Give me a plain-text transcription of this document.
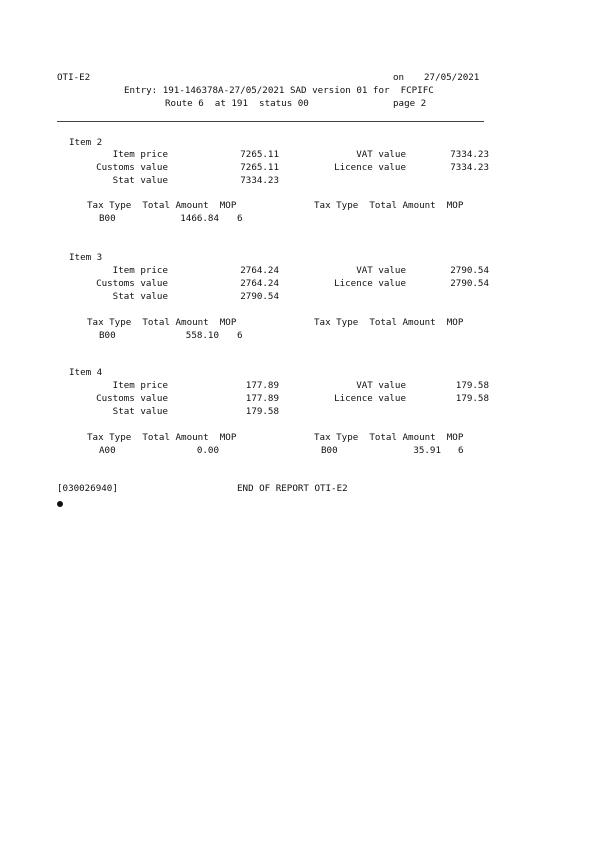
OTI-E2	on 27/05/2021
Entry: 191-146378A-27/05/2021 SAD version 01 for  FCPIFC
Route 6  at 191  status 00	page 2
Item 2
Item price	7265.11	VAT value	7334.23
Customs value	7265.11	Licence value	7334.23
Stat value	7334.23
Tax Type  Total Amount  MOP	Tax Type  Total Amount  MOP
B00	1466.84 6
Item 3
Item price	2764.24	VAT value	2790.54
Customs value	2764.24	Licence value	2790.54
Stat value	2790.54
Tax Type  Total Amount  MOP	Tax Type  Total Amount  MOP
B00	558.10 6
Item 4
Item price	177.89	VAT value	179.58
Customs value	177.89	Licence value	179.58
Stat value	179.58
Tax Type  Total Amount  MOP	Tax Type  Total Amount  MOP
A00	0.00	B00	35.91 6
[030026940]	END OF REPORT OTI-E2
